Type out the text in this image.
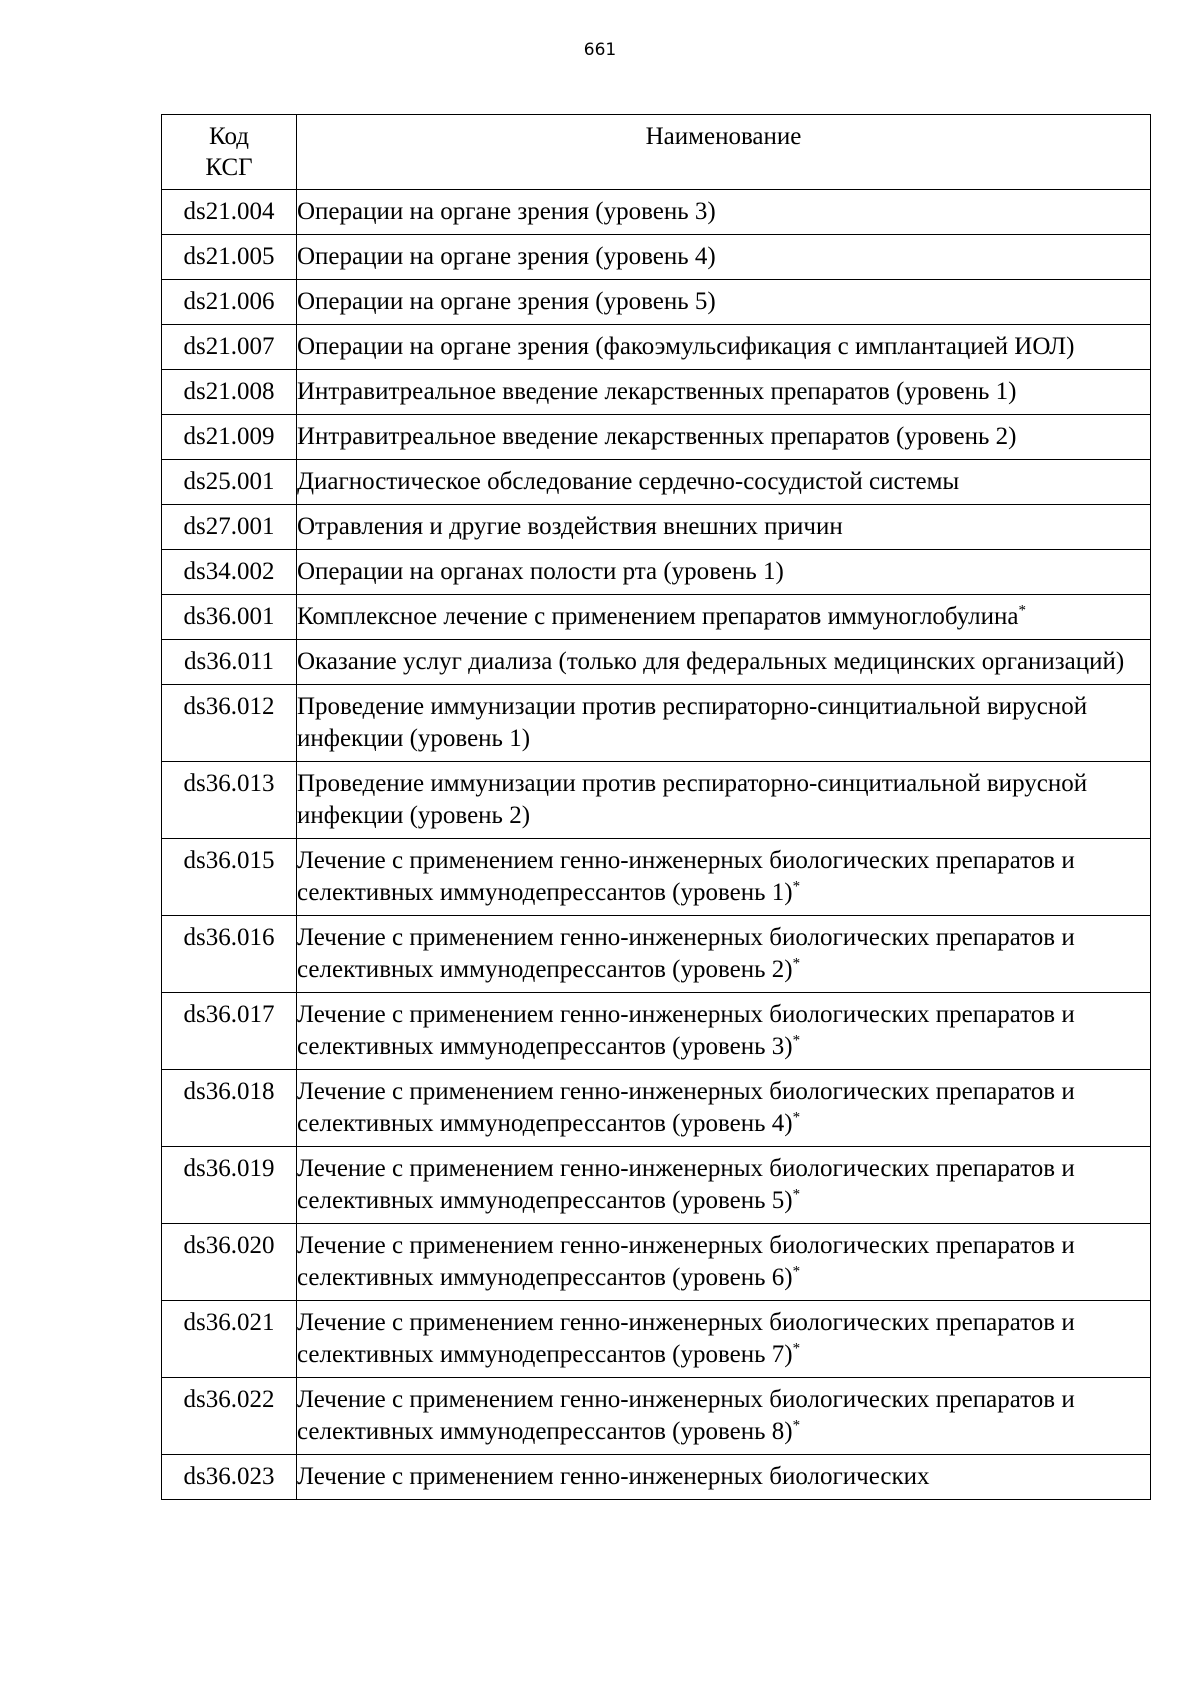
661
Код
КСГ	Наименование
ds21.004	Операции на органе зрения (уровень 3)
ds21.005	Операции на органе зрения (уровень 4)
ds21.006	Операции на органе зрения (уровень 5)
ds21.007	Операции на органе зрения (факоэмульсификация с имплантацией ИОЛ)
ds21.008	Интравитреальное введение лекарственных препаратов (уровень 1)
ds21.009	Интравитреальное введение лекарственных препаратов (уровень 2)
ds25.001	Диагностическое обследование сердечно-сосудистой системы
ds27.001	Отравления и другие воздействия внешних причин
ds34.002	Операции на органах полости рта (уровень 1)
ds36.001	Комплексное лечение с применением препаратов иммуноглобулина*
ds36.011	Оказание услуг диализа (только для федеральных медицинских организаций)
ds36.012	Проведение иммунизации против респираторно-синцитиальной вирусной инфекции (уровень 1)
ds36.013	Проведение иммунизации против респираторно-синцитиальной вирусной инфекции (уровень 2)
ds36.015	Лечение с применением генно-инженерных биологических препаратов и селективных иммунодепрессантов (уровень 1)*
ds36.016	Лечение с применением генно-инженерных биологических препаратов и селективных иммунодепрессантов (уровень 2)*
ds36.017	Лечение с применением генно-инженерных биологических препаратов и селективных иммунодепрессантов (уровень 3)*
ds36.018	Лечение с применением генно-инженерных биологических препаратов и селективных иммунодепрессантов (уровень 4)*
ds36.019	Лечение с применением генно-инженерных биологических препаратов и селективных иммунодепрессантов (уровень 5)*
ds36.020	Лечение с применением генно-инженерных биологических препаратов и селективных иммунодепрессантов (уровень 6)*
ds36.021	Лечение с применением генно-инженерных биологических препаратов и селективных иммунодепрессантов (уровень 7)*
ds36.022	Лечение с применением генно-инженерных биологических препаратов и селективных иммунодепрессантов (уровень 8)*
ds36.023	Лечение с применением генно-инженерных биологических
